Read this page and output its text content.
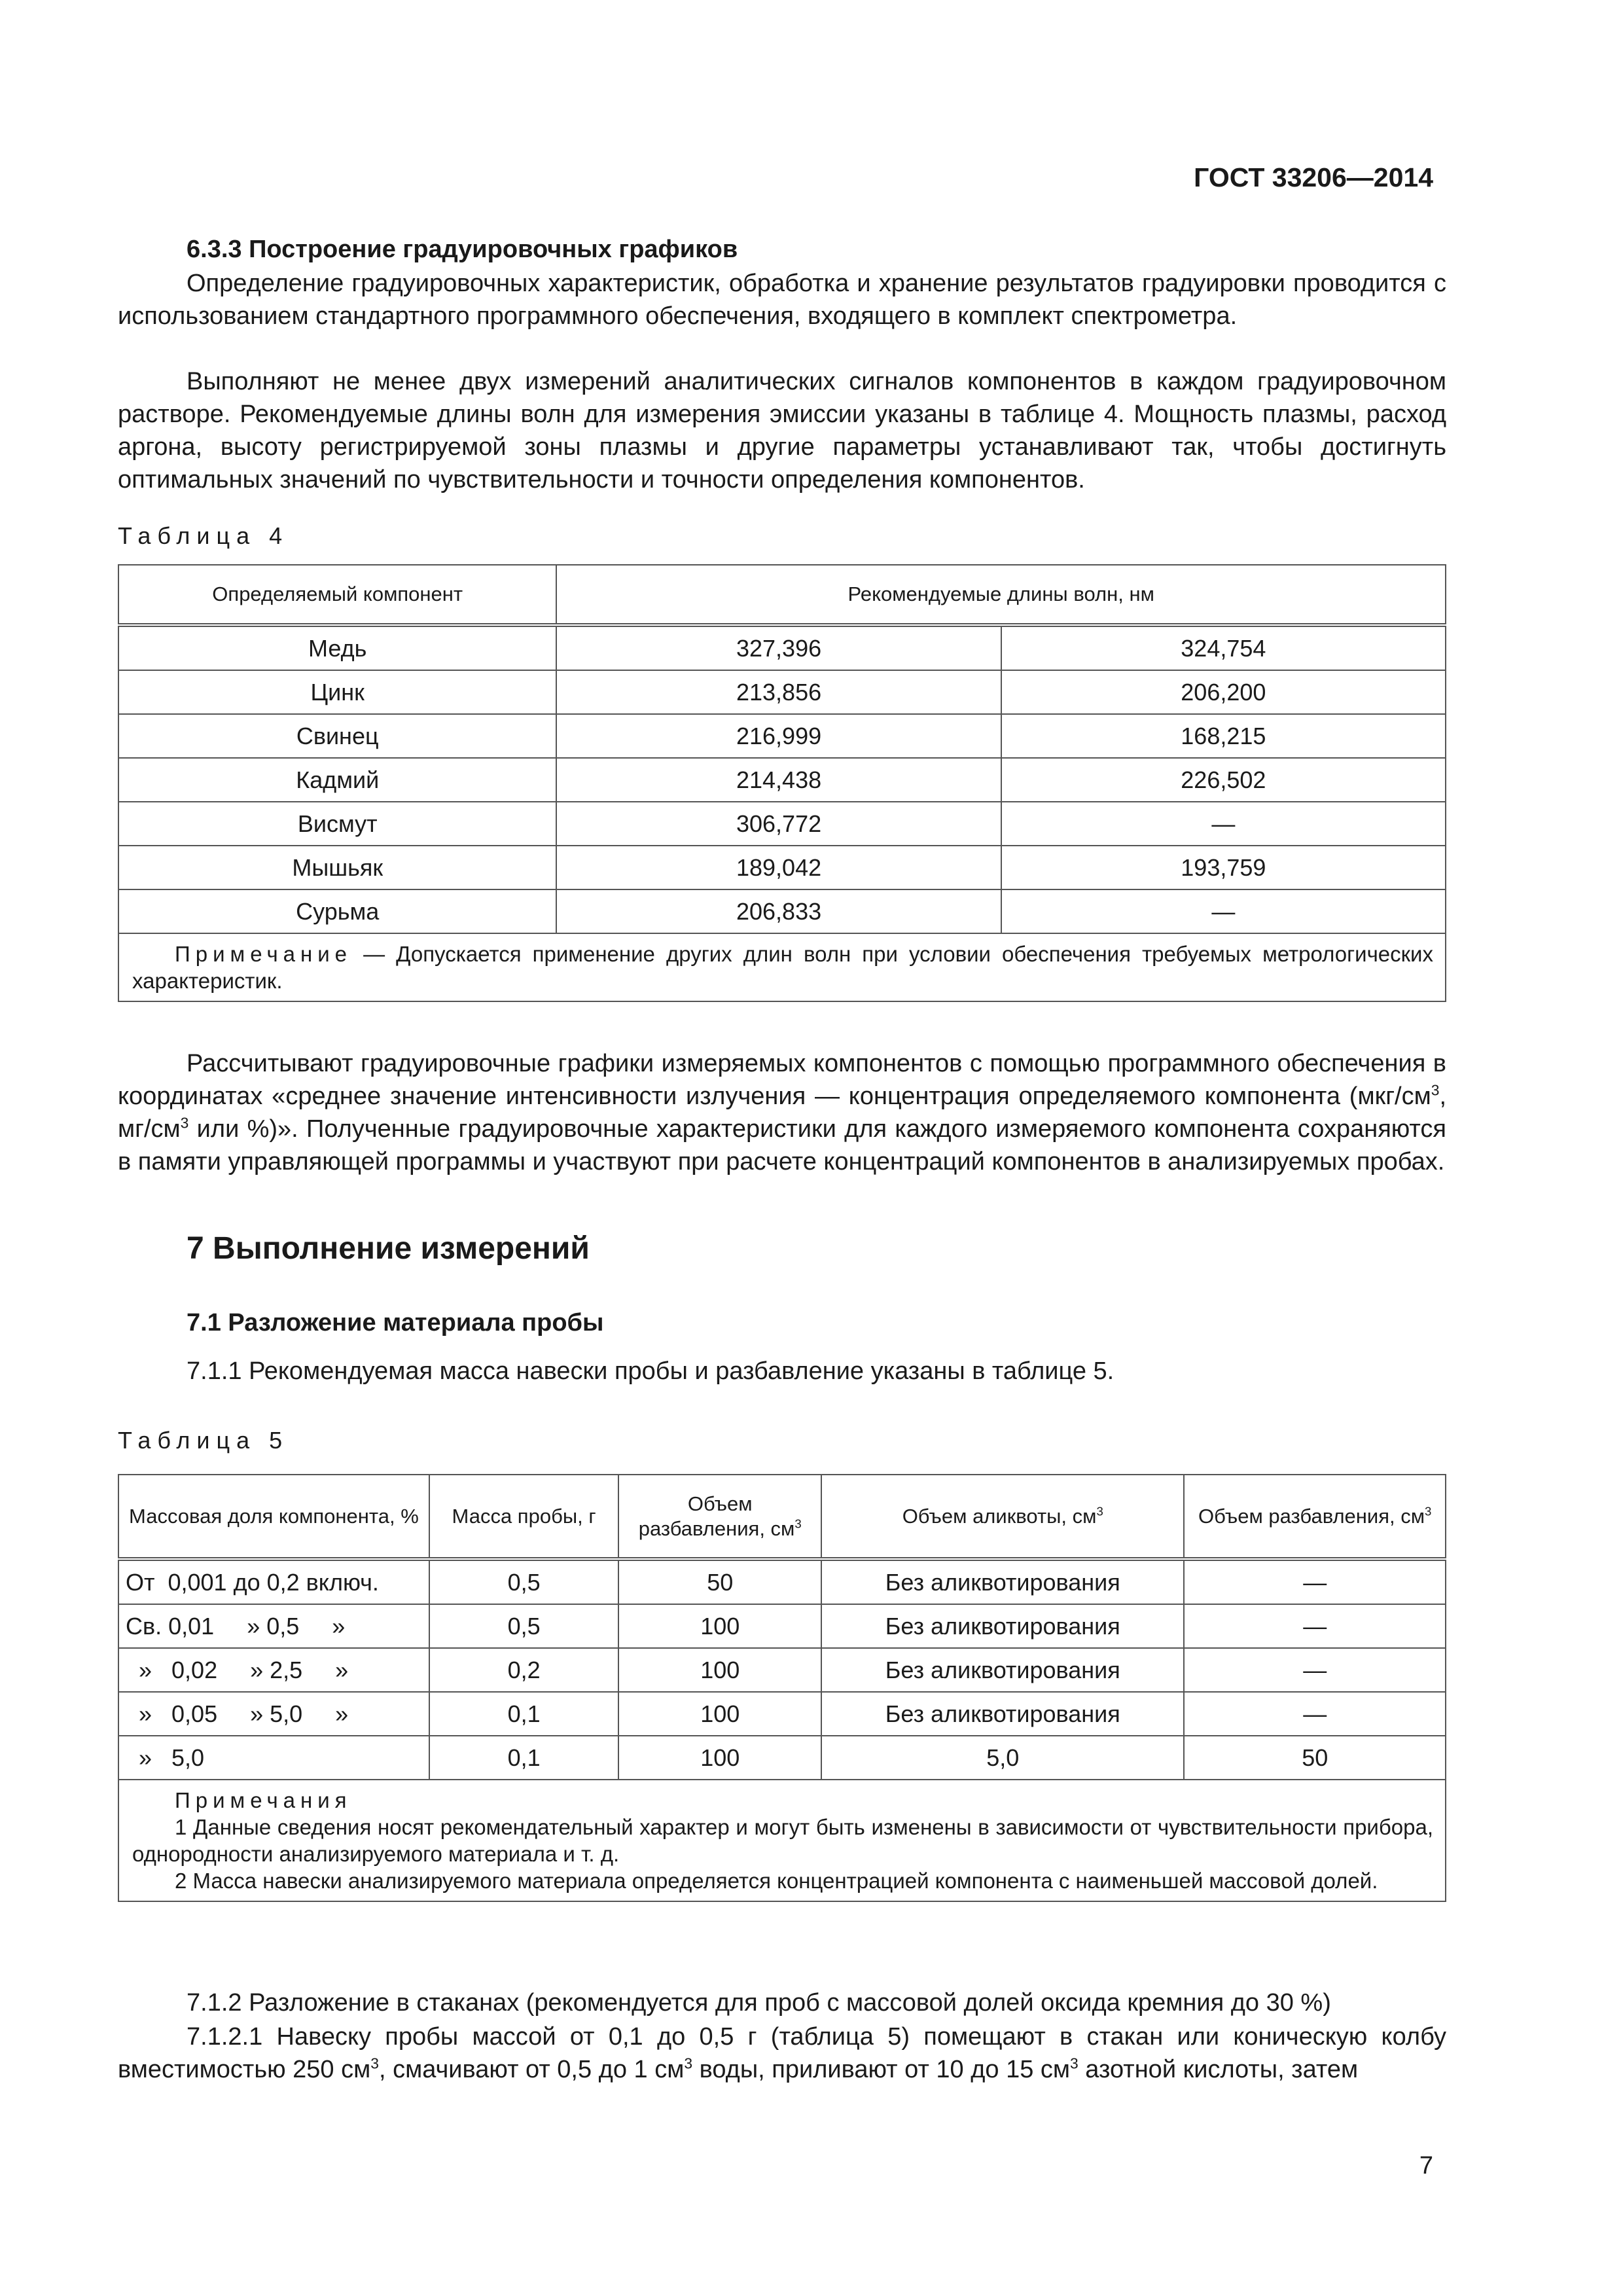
ГОСТ 33206—2014
6.3.3 Построение градуировочных графиков

Определение градуировочных характеристик, обработка и хранение результатов градуировки проводится с использованием стандартного программного обеспечения, входящего в комплект спектрометра.

Выполняют не менее двух измерений аналитических сигналов компонентов в каждом градуировочном растворе. Рекомендуемые длины волн для измерения эмиссии указаны в таблице 4. Мощность плазмы, расход аргона, высоту регистрируемой зоны плазмы и другие параметры устанавливают так, чтобы достигнуть оптимальных значений по чувствительности и точности определения компонентов.

Таблица 4
Определяемый компонент	Рекомендуемые длины волн, нм	
Медь	327,396	324,754
Цинк	213,856	206,200
Свинец	216,999	168,215
Кадмий	214,438	226,502
Висмут	306,772	—
Мышьяк	189,042	193,759
Сурьма	206,833	—
Примечание — Допускается применение других длин волн при условии обеспечения требуемых метрологических характеристик.		

Рассчитывают градуировочные графики измеряемых компонентов с помощью программного обеспечения в координатах «среднее значение интенсивности излучения — концентрация определяемого компонента ($мкг/см^3$, $мг/см^3$ или %)». Полученные градуировочные характеристики для каждого измеряемого компонента сохраняются в памяти управляющей программы и участвуют при расчете концентраций компонентов в анализируемых пробах.

7 Выполнение измерений
7.1 Разложение материала пробы

7.1.1 Рекомендуемая масса навески пробы и разбавление указаны в таблице 5.

Таблица 5
Массовая доля компонента, %	Масса пробы, г	Объем разбавления, $см^3$	Объем аликвоты, $см^3$	Объем разбавления, $см^3$
От  0,001 до 0,2 включ.	0,5	50	Без аликвотирования	—
Св. 0,01     » 0,5     »	0,5	100	Без аликвотирования	—
»   0,02     » 2,5     »	0,2	100	Без аликвотирования	—
»   0,05     » 5,0     »	0,1	100	Без аликвотирования	—
»   5,0	0,1	100	5,0	50

Примечания
1 Данные сведения носят рекомендательный характер и могут быть изменены в зависимости от чувствительности прибора, однородности анализируемого материала и т. д.
2 Масса навески анализируемого материала определяется концентрацией компонента с наименьшей массовой долей.				

7.1.2 Разложение в стаканах (рекомендуется для проб с массовой долей оксида кремния до 30 %)

7.1.2.1 Навеску пробы массой от 0,1 до 0,5 г (таблица 5) помещают в стакан или коническую колбу вместимостью 250 $см^3$, смачивают от 0,5 до 1 $см^3$ воды, приливают от 10 до 15 $см^3$ азотной кислоты, затем

7
